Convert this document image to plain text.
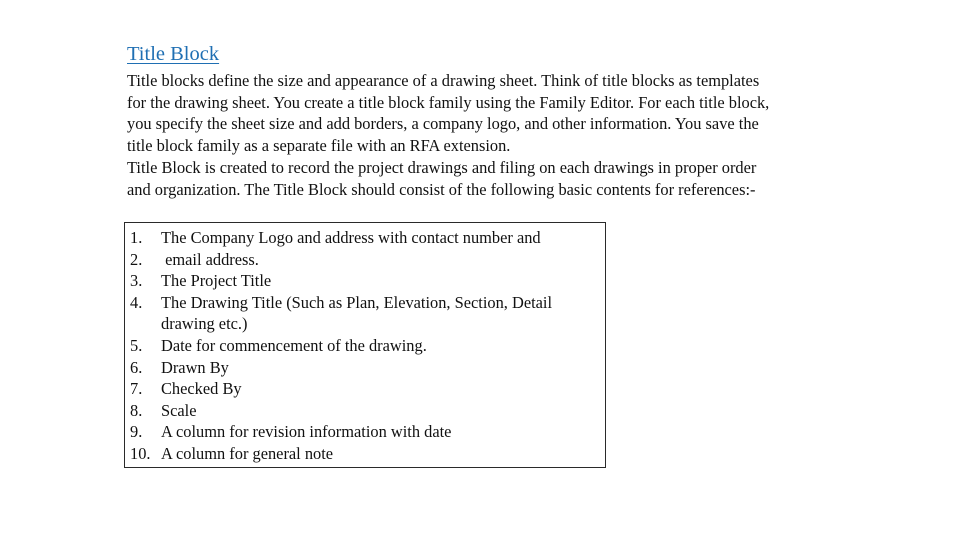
Title Block

Title blocks define the size and appearance of a drawing sheet. Think of title blocks as templates
for the drawing sheet. You create a title block family using the Family Editor. For each title block,
you specify the sheet size and add borders, a company logo, and other information. You save the
title block family as a separate file with an RFA extension.

Title Block is created to record the project drawings and filing on each drawings in proper order
and organization. The Title Block should consist of the following basic contents for references:-

1.	The Company Logo and address with contact number and
2.	email address.
3.	The Project Title
4.	The Drawing Title (Such as Plan, Elevation, Section, Detail
drawing etc.)
5.	Date for commencement of the drawing.
6.	Drawn By
7.	Checked By
8.	Scale
9.	A column for revision information with date
10. A column for general note
